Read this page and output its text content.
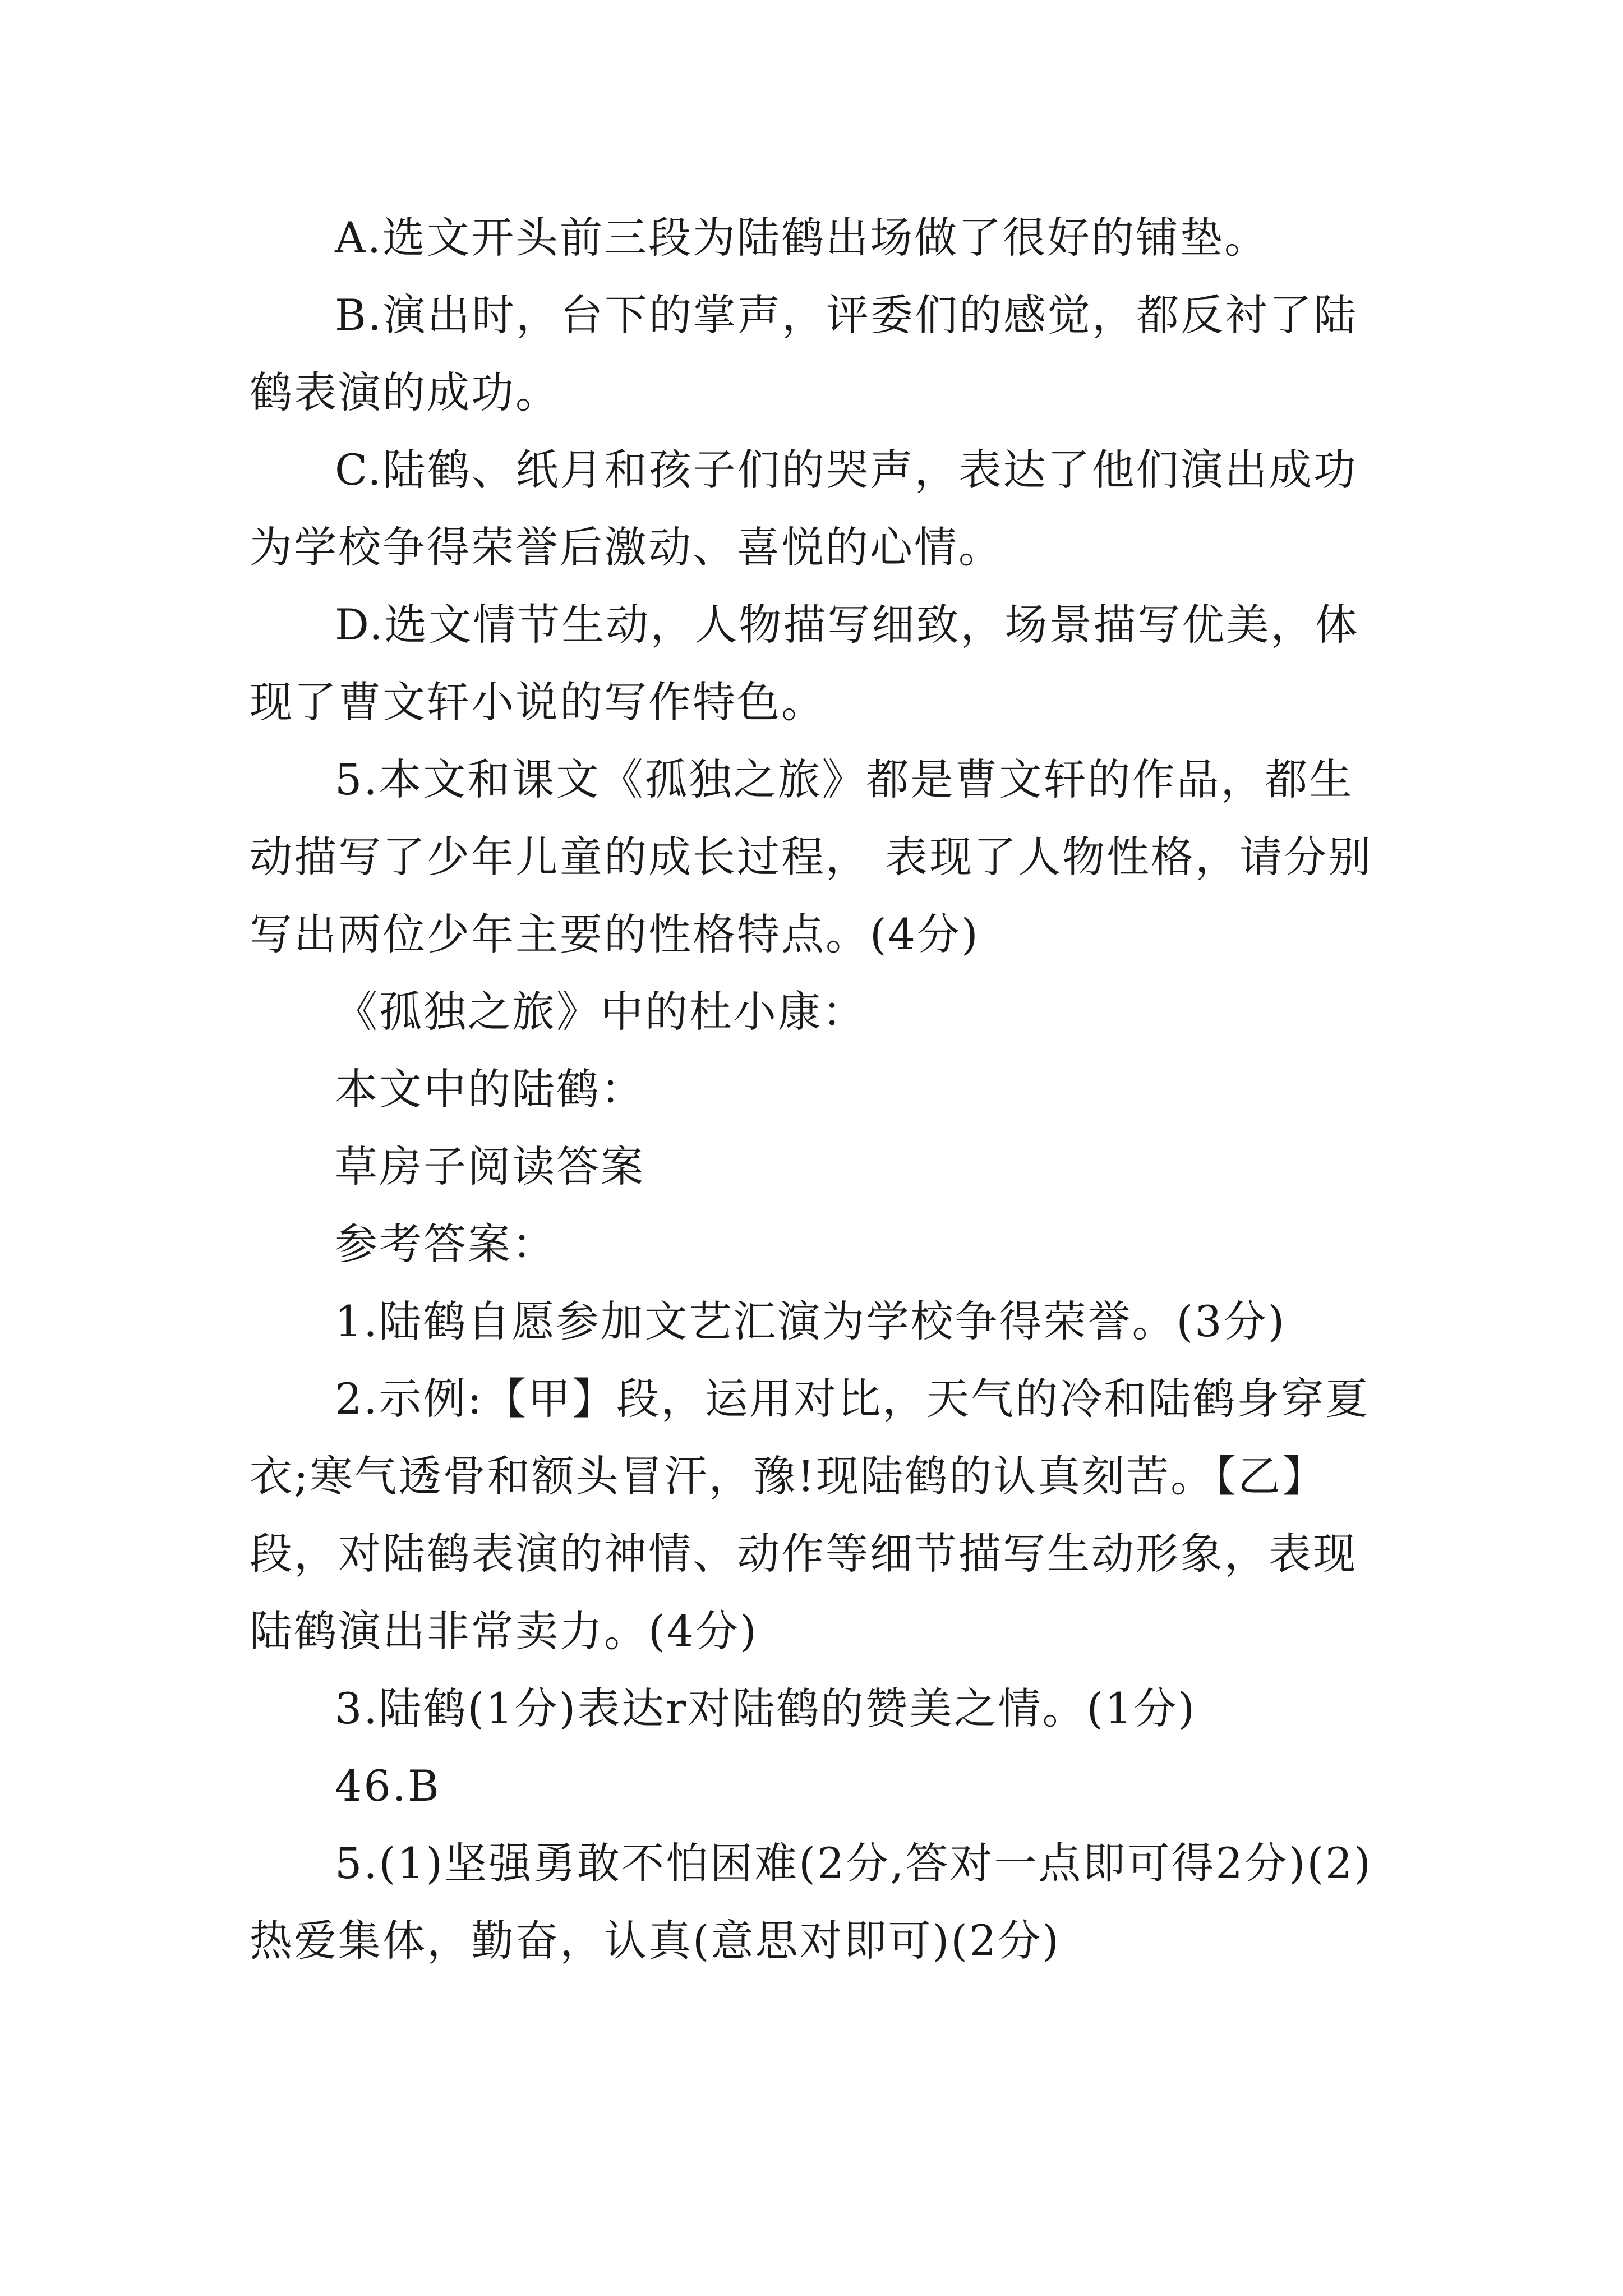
A.选文开头前三段为陆鹤出场做了很好的铺垫。

B.演出时，台下的掌声，评委们的感觉，都反衬了陆鹤表演的成功。

C.陆鹤、纸月和孩子们的哭声，表达了他们演出成功为学校争得荣誉后激动、喜悦的心情。

D.选文情节生动，人物描写细致，场景描写优美，体现了曹文轩小说的写作特色。

5.本文和课文《孤独之旅》都是曹文轩的作品，都生动描写了少年儿童的成长过程， 表现了人物性格，请分别写出两位少年主要的性格特点。(4分)

《孤独之旅》中的杜小康：

本文中的陆鹤：

草房子阅读答案

参考答案：

1.陆鹤自愿参加文艺汇演为学校争得荣誉。(3分)

2.示例:【甲】段，运用对比，天气的冷和陆鹤身穿夏衣;寒气透骨和额头冒汗，豫!现陆鹤的认真刻苦。【乙】段，对陆鹤表演的神情、动作等细节描写生动形象，表现陆鹤演出非常卖力。(4分)

3.陆鹤(1分)表达r对陆鹤的赞美之情。(1分)

46.B

5.(1)坚强勇敢不怕困难(2分,答对一点即可得2分)(2)热爱集体，勤奋，认真(意思对即可)(2分)
